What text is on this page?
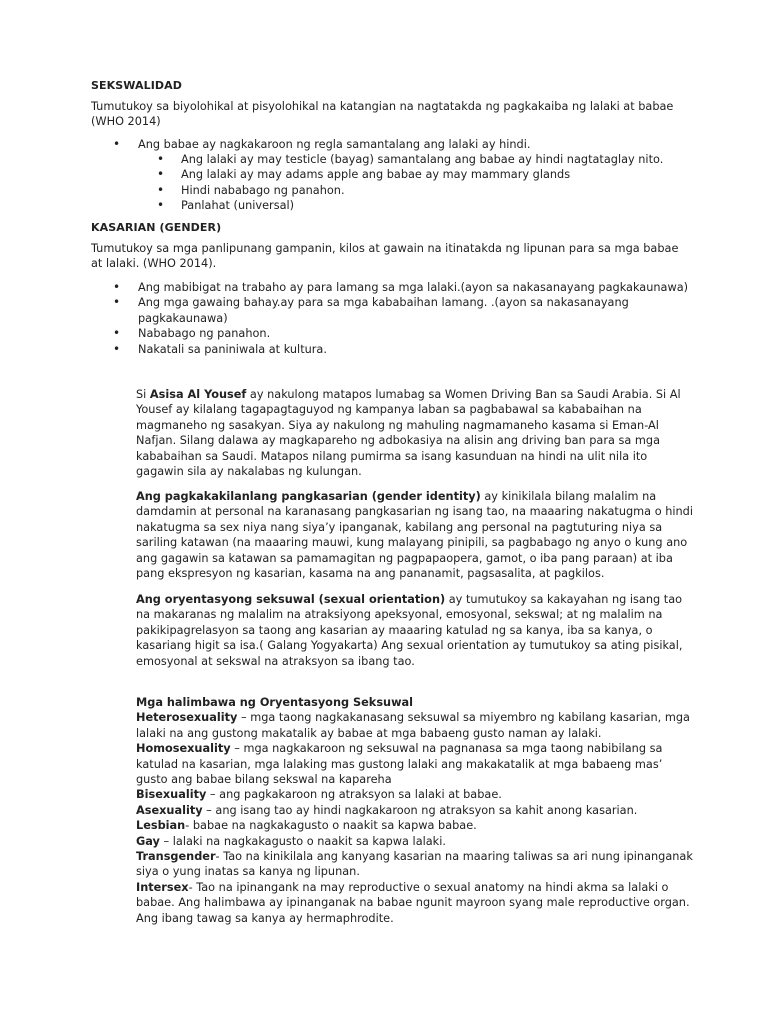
SEKSWALIDAD
Tumutukoy sa biyolohikal at pisyolohikal na katangian na nagtatakda ng pagkakaiba ng lalaki at babae (WHO 2014)
• Ang babae ay nagkakaroon ng regla samantalang ang lalaki ay hindi.
• Ang lalaki ay may testicle (bayag) samantalang ang babae ay hindi nagtataglay nito.
• Ang lalaki ay may adams apple ang babae ay may mammary glands
• Hindi nababago ng panahon.
• Panlahat (universal)
KASARIAN (GENDER)
Tumutukoy sa mga panlipunang gampanin, kilos at gawain na itinatakda ng lipunan para sa mga babae at lalaki. (WHO 2014).
• Ang mabibigat na trabaho ay para lamang sa mga lalaki.(ayon sa nakasanayang pagkakaunawa)
• Ang mga gawaing bahay.ay para sa mga kababaihan lamang. .(ayon sa nakasanayang pagkakaunawa)
• Nababago ng panahon.
• Nakatali sa paniniwala at kultura.
Si Asisa Al Yousef ay nakulong matapos lumabag sa Women Driving Ban sa Saudi Arabia. Si Al Yousef ay kilalang tagapagtaguyod ng kampanya laban sa pagbabawal sa kababaihan na magmaneho ng sasakyan. Siya ay nakulong ng mahuling nagmamaneho kasama si Eman-Al Nafjan. Silang dalawa ay magkapareho ng adbokasiya na alisin ang driving ban para sa mga kababaihan sa Saudi. Matapos nilang pumirma sa isang kasunduan na hindi na ulit nila ito gagawin sila ay nakalabas ng kulungan.
Ang pagkakakilanlang pangkasarian (gender identity) ay kinikilala bilang malalim na damdamin at personal na karanasang pangkasarian ng isang tao, na maaaring nakatugma o hindi nakatugma sa sex niya nang siya’y ipanganak, kabilang ang personal na pagtuturing niya sa sariling katawan (na maaaring mauwi, kung malayang pinipili, sa pagbabago ng anyo o kung ano ang gagawin sa katawan sa pamamagitan ng pagpapaopera, gamot, o iba pang paraan) at iba pang ekspresyon ng kasarian, kasama na ang pananamit, pagsasalita, at pagkilos.
Ang oryentasyong seksuwal (sexual orientation) ay tumutukoy sa kakayahan ng isang tao na makaranas ng malalim na atraksiyong apeksyonal, emosyonal, sekswal; at ng malalim na pakikipagrelasyon sa taong ang kasarian ay maaaring katulad ng sa kanya, iba sa kanya, o kasariang higit sa isa.( Galang Yogyakarta) Ang sexual orientation ay tumutukoy sa ating pisikal, emosyonal at sekswal na atraksyon sa ibang tao.
Mga halimbawa ng Oryentasyong Seksuwal
Heterosexuality – mga taong nagkakanasang seksuwal sa miyembro ng kabilang kasarian, mga lalaki na ang gustong makatalik ay babae at mga babaeng gusto naman ay lalaki.
Homosexuality – mga nagkakaroon ng seksuwal na pagnanasa sa mga taong nabibilang sa katulad na kasarian, mga lalaking mas gustong lalaki ang makakatalik at mga babaeng mas’ gusto ang babae bilang sekswal na kapareha
Bisexuality – ang pagkakaroon ng atraksyon sa lalaki at babae.
Asexuality – ang isang tao ay hindi nagkakaroon ng atraksyon sa kahit anong kasarian.
Lesbian- babae na nagkakagusto o naakit sa kapwa babae.
Gay – lalaki na nagkakagusto o naakit sa kapwa lalaki.
Transgender- Tao na kinikilala ang kanyang kasarian na maaring taliwas sa ari nung ipinanganak siya o yung inatas sa kanya ng lipunan.
Intersex- Tao na ipinangank na may reproductive o sexual anatomy na hindi akma sa lalaki o babae. Ang halimbawa ay ipinanganak na babae ngunit mayroon syang male reproductive organ. Ang ibang tawag sa kanya ay hermaphrodite.
